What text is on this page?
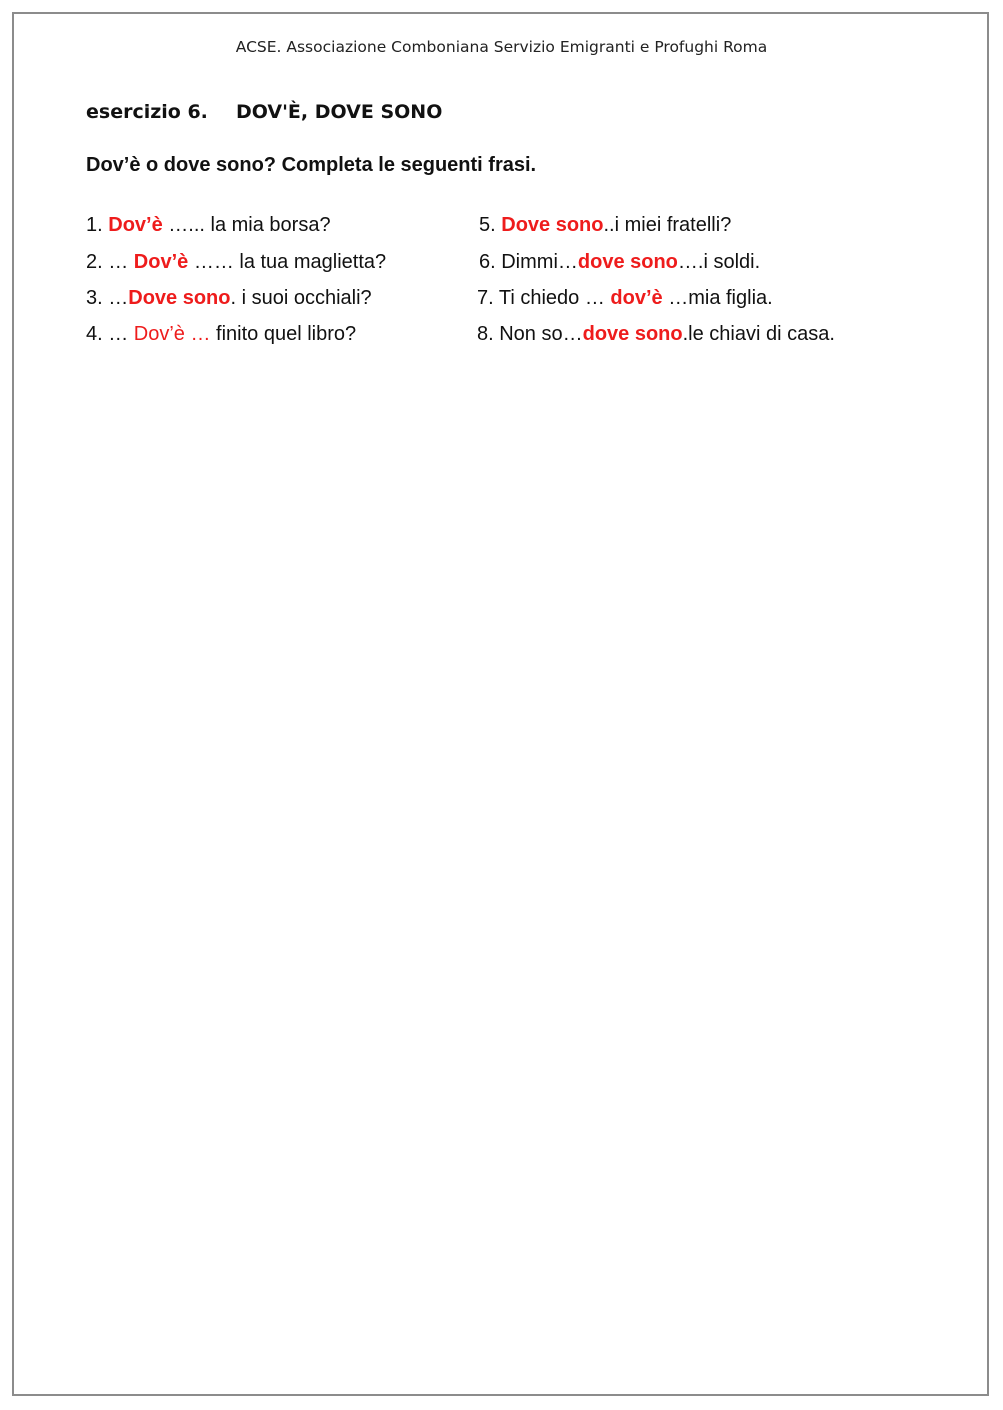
ACSE. Associazione Comboniana Servizio Emigranti e Profughi Roma
esercizio 6. DOV'È, DOVE SONO
Dov’è o dove sono? Completa le seguenti frasi.
1. Dov’è …... la mia borsa?
2. … Dov’è …… la tua maglietta?
3. …Dove sono. i suoi occhiali?
4. … Dov’è … finito quel libro?
5. Dove sono..i miei fratelli?
6. Dimmi…dove sono….i soldi.
7. Ti chiedo … dov’è …mia figlia.
8. Non so…dove sono.le chiavi di casa.
